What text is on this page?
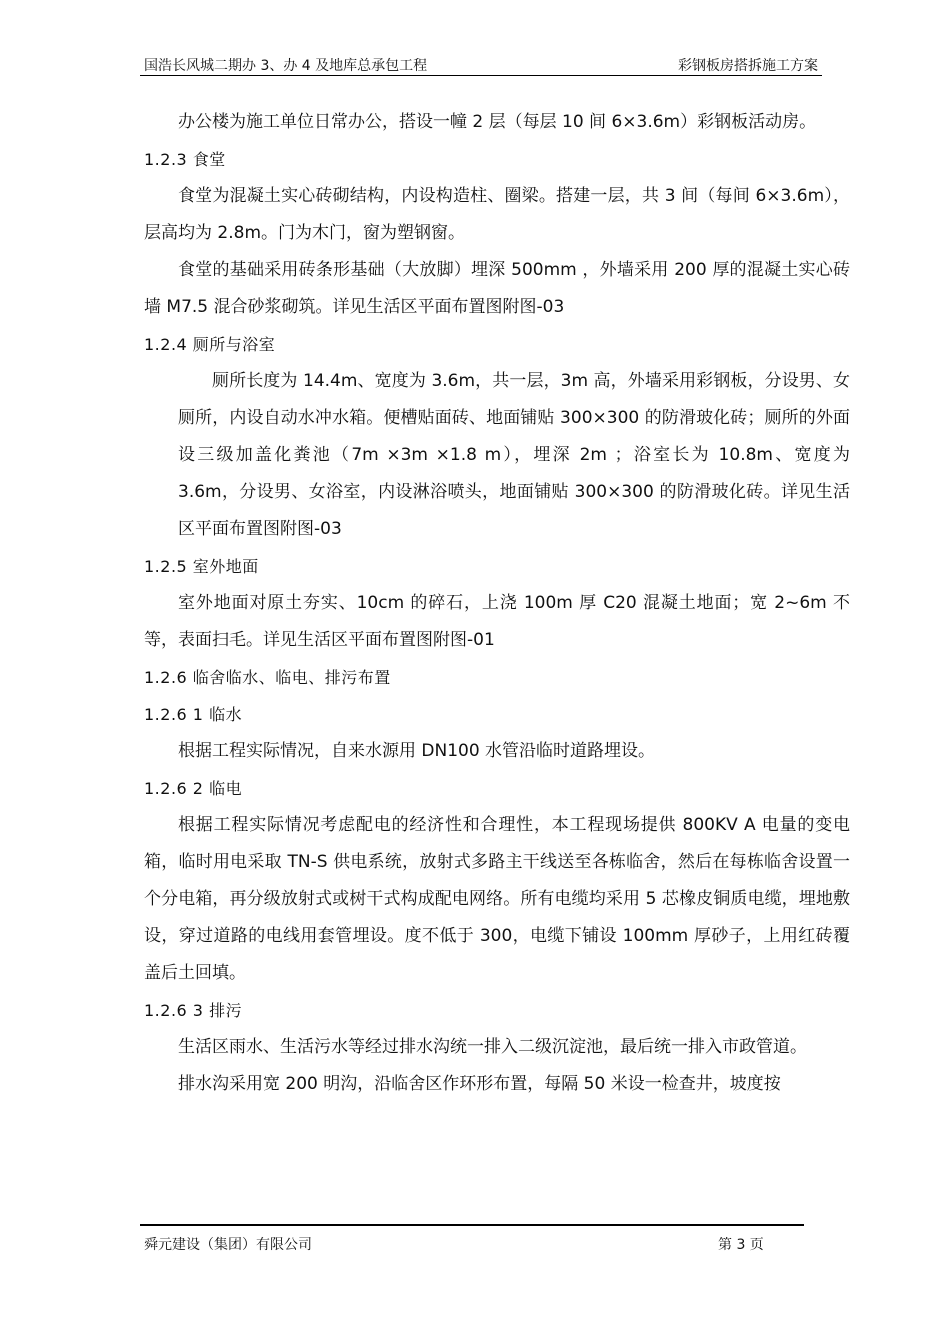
国浩长风城二期办 3、办 4 及地库总承包工程	彩钢板房搭拆施工方案

办公楼为施工单位日常办公，搭设一幢 2 层（每层 10 间 6×3.6m）彩钢板活动房。

1.2.3 食堂

食堂为混凝土实心砖砌结构，内设构造柱、圈梁。搭建一层，共 3 间（每间 6×3.6m），层高均为 2.8m。门为木门，窗为塑钢窗。

食堂的基础采用砖条形基础（大放脚）埋深 500mm ，外墙采用 200 厚的混凝土实心砖墙 M7.5 混合砂浆砌筑。详见生活区平面布置图附图-03

1.2.4 厕所与浴室

厕所长度为 14.4m、宽度为 3.6m，共一层，3m 高，外墙采用彩钢板，分设男、女厕所，内设自动水冲水箱。便槽贴面砖、地面铺贴 300×300 的防滑玻化砖；厕所的外面设三级加盖化粪池（7m ×3m ×1.8 m），埋深 2m ；浴室长为 10.8m、宽度为 3.6m，分设男、女浴室，内设淋浴喷头，地面铺贴 300×300 的防滑玻化砖。详见生活区平面布置图附图-03

1.2.5 室外地面

室外地面对原土夯实、10cm 的碎石，上浇 100m 厚 C20 混凝土地面；宽 2~6m 不等，表面扫毛。详见生活区平面布置图附图-01

1.2.6 临舍临水、临电、排污布置

1.2.6 1 临水

根据工程实际情况，自来水源用 DN100 水管沿临时道路埋设。

1.2.6 2 临电

根据工程实际情况考虑配电的经济性和合理性，本工程现场提供 800KV A 电量的变电箱，临时用电采取 TN-S 供电系统，放射式多路主干线送至各栋临舍，然后在每栋临舍设置一个分电箱，再分级放射式或树干式构成配电网络。所有电缆均采用 5 芯橡皮铜质电缆，埋地敷设，穿过道路的电线用套管埋设。度不低于 300，电缆下铺设 100mm 厚砂子，上用红砖覆盖后土回填。

1.2.6 3 排污

生活区雨水、生活污水等经过排水沟统一排入二级沉淀池，最后统一排入市政管道。

排水沟采用宽 200 明沟，沿临舍区作环形布置，每隔 50 米设一检查井，坡度按

舜元建设（集团）有限公司	第 3 页
